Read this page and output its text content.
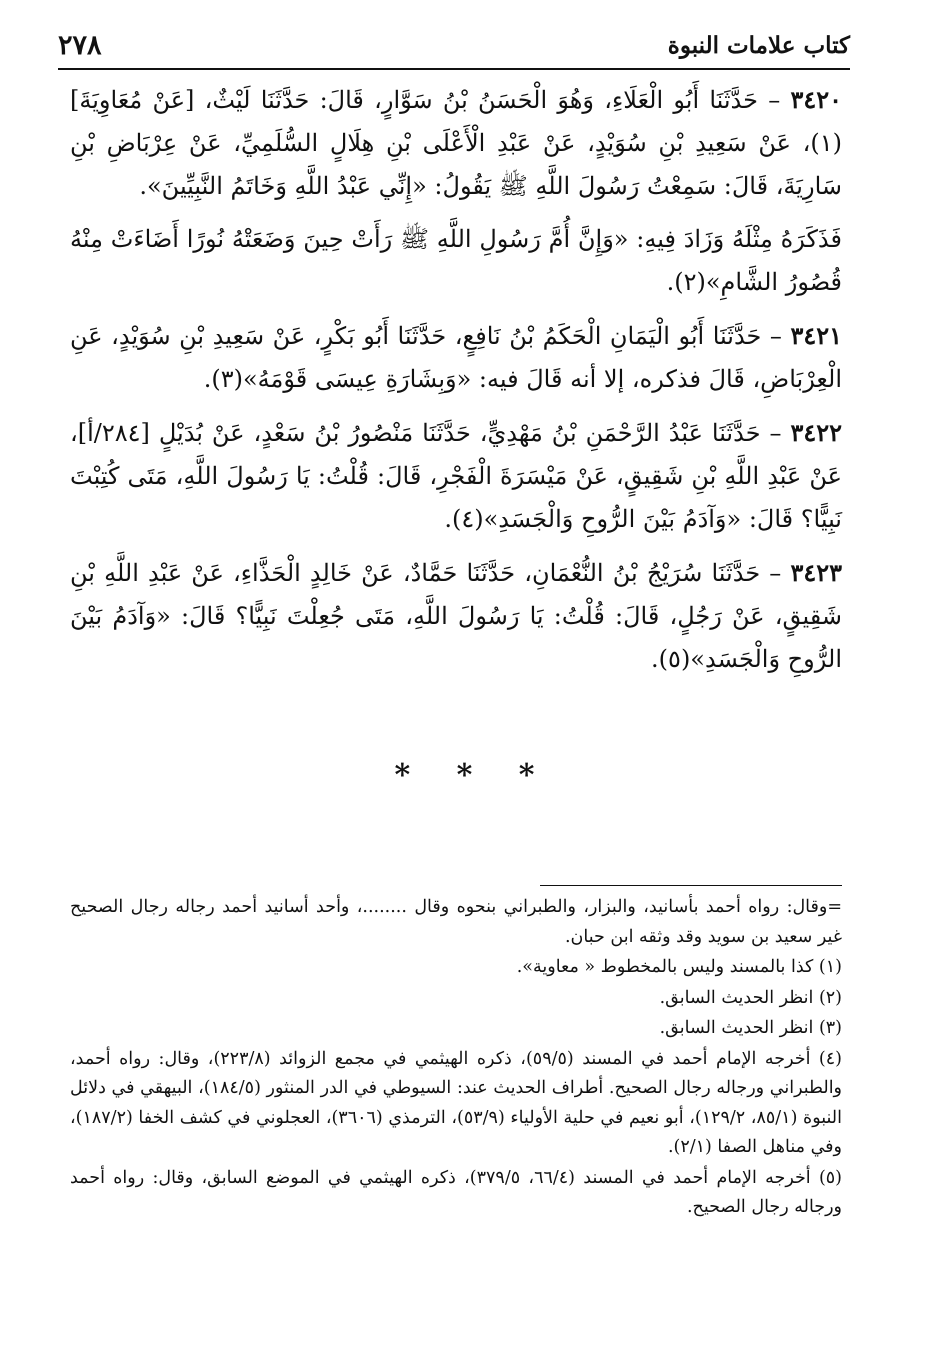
٢٧٨	كتاب علامات النبوة

٣٤٢٠ – حَدَّثَنَا أَبُو الْعَلَاءِ، وَهُوَ الْحَسَنُ بْنُ سَوَّارٍ، قَالَ: حَدَّثَنَا لَيْثٌ، [عَنْ مُعَاوِيَةَ](١)، عَنْ سَعِيدِ بْنِ سُوَيْدٍ، عَنْ عَبْدِ الْأَعْلَى بْنِ هِلَالٍ السُّلَمِيِّ، عَنْ عِرْبَاضِ بْنِ سَارِيَةَ، قَالَ: سَمِعْتُ رَسُولَ اللَّهِ ﷺ يَقُولُ: «إِنِّي عَبْدُ اللَّهِ وَخَاتَمُ النَّبِيِّينَ».

فَذَكَرَهُ مِثْلَهُ وَزَادَ فِيهِ: «وَإِنَّ أُمَّ رَسُولِ اللَّهِ ﷺ رَأَتْ حِينَ وَضَعَتْهُ نُورًا أَضَاءَتْ مِنْهُ قُصُورُ الشَّامِ»(٢).

٣٤٢١ – حَدَّثَنَا أَبُو الْيَمَانِ الْحَكَمُ بْنُ نَافِعٍ، حَدَّثَنَا أَبُو بَكْرٍ، عَنْ سَعِيدِ بْنِ سُوَيْدٍ، عَنِ الْعِرْبَاضِ، قَالَ فذكره، إلا أنه قَالَ فيه: «وَبِشَارَةِ عِيسَى قَوْمَهُ»(٣).

٣٤٢٢ – حَدَّثَنَا عَبْدُ الرَّحْمَنِ بْنُ مَهْدِيٍّ، حَدَّثَنَا مَنْصُورُ بْنُ سَعْدٍ، عَنْ بُدَيْلٍ [٢٨٤/أ]، عَنْ عَبْدِ اللَّهِ بْنِ شَقِيقٍ، عَنْ مَيْسَرَةَ الْفَجْرِ، قَالَ: قُلْتُ: يَا رَسُولَ اللَّهِ، مَتَى كُتِبْتَ نَبِيًّا؟ قَالَ: «وَآدَمُ بَيْنَ الرُّوحِ وَالْجَسَدِ»(٤).

٣٤٢٣ – حَدَّثَنَا سُرَيْجُ بْنُ النُّعْمَانِ، حَدَّثَنَا حَمَّادٌ، عَنْ خَالِدٍ الْحَذَّاءِ، عَنْ عَبْدِ اللَّهِ بْنِ شَقِيقٍ، عَنْ رَجُلٍ، قَالَ: قُلْتُ: يَا رَسُولَ اللَّهِ، مَتَى جُعِلْتَ نَبِيًّا؟ قَالَ: «وَآدَمُ بَيْنَ الرُّوحِ وَالْجَسَدِ»(٥).

* * *

=وقال: رواه أحمد بأسانيد، والبزار، والطبراني بنحوه وقال ........، وأحد أسانيد أحمد رجاله رجال الصحيح غير سعيد بن سويد وقد وثقه ابن حبان.

(١) كذا بالمسند وليس بالمخطوط « معاوية».

(٢) انظر الحديث السابق.

(٣) انظر الحديث السابق.

(٤) أخرجه الإمام أحمد في المسند (٥٩/٥)، ذكره الهيثمي في مجمع الزوائد (٢٢٣/٨)، وقال: رواه أحمد، والطبراني ورجاله رجال الصحيح. أطراف الحديث عند: السيوطي في الدر المنثور (١٨٤/٥)، البيهقي في دلائل النبوة (٨٥/١، ١٢٩/٢)، أبو نعيم في حلية الأولياء (٥٣/٩)، الترمذي (٣٦٠٦)، العجلوني في كشف الخفا (١٨٧/٢)، وفي مناهل الصفا (٢/١).

(٥) أخرجه الإمام أحمد في المسند (٦٦/٤، ٣٧٩/٥)، ذكره الهيثمي في الموضع السابق، وقال: رواه أحمد ورجاله رجال الصحيح.
